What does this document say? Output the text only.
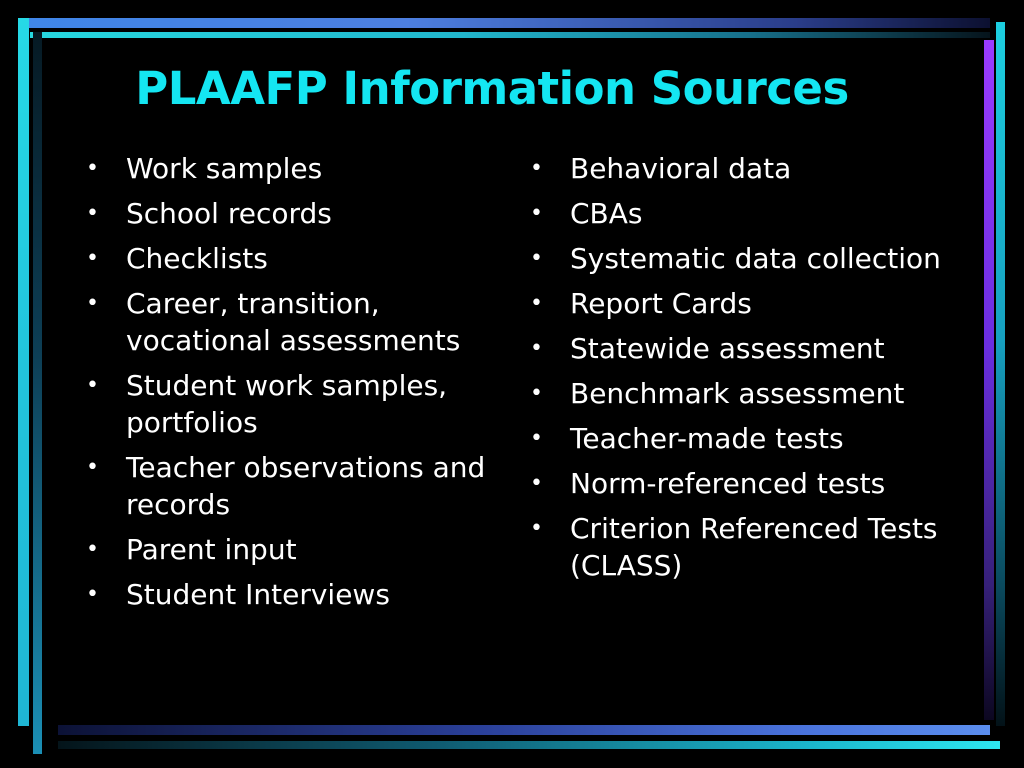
PLAAFP Information Sources
• Work samples
• School records
• Checklists
• Career, transition, vocational assessments
• Student work samples, portfolios
• Teacher observations and records
• Parent input
• Student Interviews
• Behavioral data
• CBAs
• Systematic data collection
• Report Cards
• Statewide assessment
• Benchmark assessment
• Teacher-made tests
• Norm-referenced tests
• Criterion Referenced Tests (CLASS)
